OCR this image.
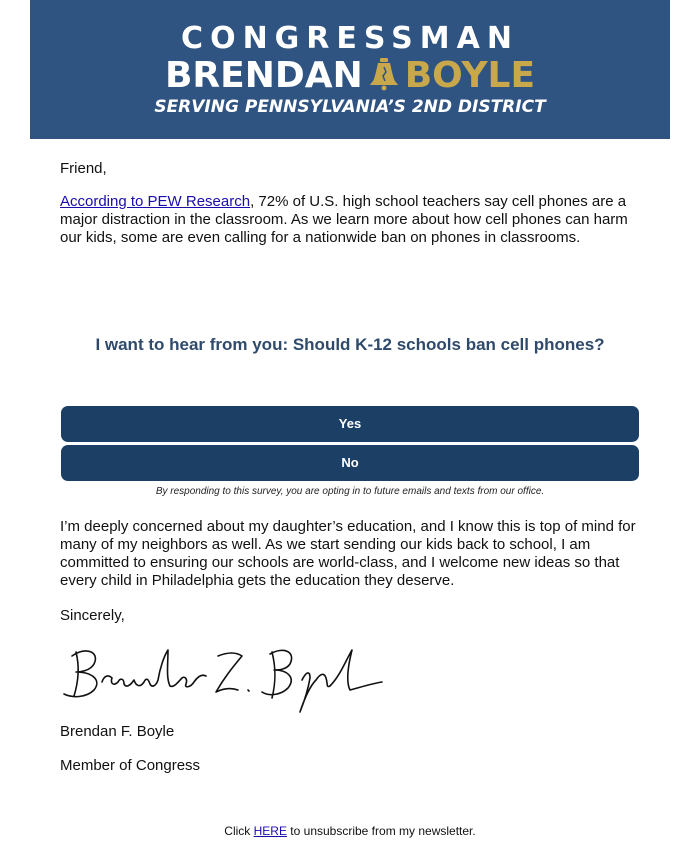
CONGRESSMAN
BRENDAN BOYLE
SERVING PENNSYLVANIA’S 2ND DISTRICT
Friend,
According to PEW Research, 72% of U.S. high school teachers say cell phones are a major distraction in the classroom. As we learn more about how cell phones can harm our kids, some are even calling for a nationwide ban on phones in classrooms.
I want to hear from you: Should K-12 schools ban cell phones?
Yes
No
By responding to this survey, you are opting in to future emails and texts from our office.
I’m deeply concerned about my daughter’s education, and I know this is top of mind for many of my neighbors as well. As we start sending our kids back to school, I am committed to ensuring our schools are world-class, and I welcome new ideas so that every child in Philadelphia gets the education they deserve.
Sincerely,
Brendan F. Boyle
Member of Congress
Click HERE to unsubscribe from my newsletter.
